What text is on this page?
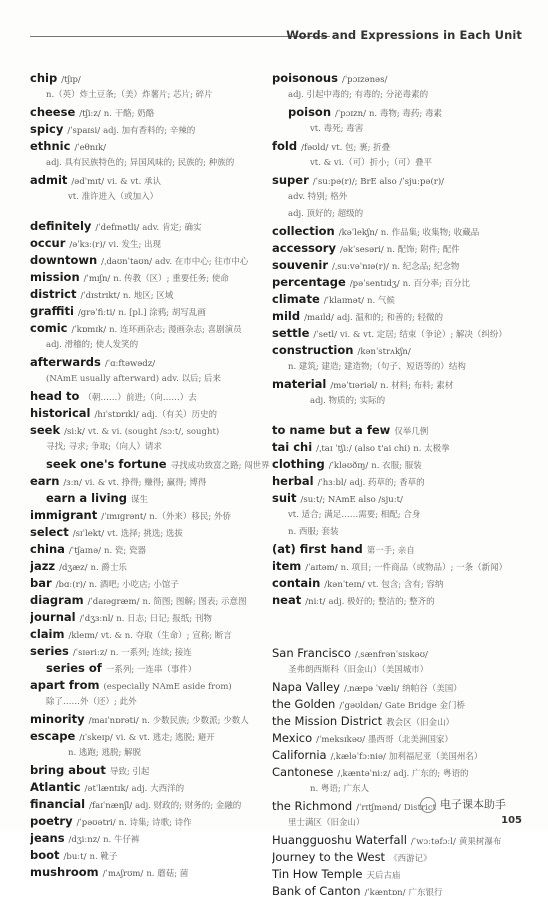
Words and Expressions in Each Unit
chip /tʃɪp/
n.（英）炸土豆条;（美）炸薯片; 芯片; 碎片
cheese /tʃiːz/ n. 干酪; 奶酪
spicy /ˈspaɪsi/ adj. 加有香料的; 辛辣的
ethnic /ˈeθnɪk/
adj. 具有民族特色的; 异国风味的; 民族的; 种族的
admit /ədˈmɪt/ vi. & vt. 承认
vt. 准许进入（或加入）
definitely /ˈdefɪnətli/ adv. 肯定; 确实
occur /əˈkɜː(r)/ vi. 发生; 出现
downtown /ˌdaʊnˈtaʊn/ adv. 在市中心; 往市中心
mission /ˈmɪʃn/ n. 传教（区）; 重要任务; 使命
district /ˈdɪstrɪkt/ n. 地区; 区域
graffiti /grəˈfiːti/ n. [pl.] 涂鸦; 胡写乱画
comic /ˈkɒmɪk/ n. 连环画杂志; 漫画杂志; 喜剧演员
adj. 滑稽的; 使人发笑的
afterwards /ˈɑːftəwədz/
(NAmE usually afterward) adv. 以后; 后来
head to （朝……）前进;（向……）去
historical /hɪˈstɒrɪkl/ adj.（有关）历史的
seek /siːk/ vt. & vi. (sought /sɔːt/, sought)
寻找; 寻求; 争取;（向人）请求
seek one's fortune 寻找成功致富之路; 闯世界
earn /ɜːn/ vi. & vt. 挣得; 赚得; 赢得; 博得
earn a living 谋生
immigrant /ˈɪmɪgrənt/ n.（外来）移民; 外侨
select /sɪˈlekt/ vt. 选择; 挑选; 选拔
china /ˈtʃaɪnə/ n. 瓷; 瓷器
jazz /dʒæz/ n. 爵士乐
bar /bɑː(r)/ n. 酒吧; 小吃店; 小馆子
diagram /ˈdaɪəgræm/ n. 简图; 图解; 图表; 示意图
journal /ˈdʒɜːnl/ n. 日志; 日记; 报纸; 刊物
claim /kleɪm/ vt. & n. 夺取（生命）; 宣称; 断言
series /ˈsɪəriːz/ n. 一系列; 连续; 接连
series of 一系列; 一连串（事件）
apart from (especially NAmE aside from)
除了……外（还）; 此外
minority /maɪˈnɒrəti/ n. 少数民族; 少数派; 少数人
escape /ɪˈskeɪp/ vi. & vt. 逃走; 逃脱; 避开
n. 逃跑; 逃脱; 解脱
bring about 导致; 引起
Atlantic /ətˈlæntɪk/ adj. 大西洋的
financial /faɪˈnænʃl/ adj. 财政的; 财务的; 金融的
poetry /ˈpəʊətri/ n. 诗集; 诗歌; 诗作
jeans /dʒiːnz/ n. 牛仔裤
boot /buːt/ n. 靴子
mushroom /ˈmʌʃrʊm/ n. 蘑菇; 菌
poisonous /ˈpɔɪzənəs/
adj. 引起中毒的; 有毒的; 分泌毒素的
poison /ˈpɔɪzn/ n. 毒物; 毒药; 毒素
vt. 毒死; 毒害
fold /fəʊld/ vt. 包; 裹; 折叠
vt. & vi.（可）折小;（可）叠平
super /ˈsuːpə(r)/; BrE also /ˈsjuːpə(r)/
adv. 特别; 格外
adj. 顶好的; 超级的
collection /kəˈlekʃn/ n. 作品集; 收集物; 收藏品
accessory /əkˈsesəri/ n. 配饰; 附件; 配件
souvenir /ˌsuːvəˈnɪə(r)/ n. 纪念品; 纪念物
percentage /pəˈsentɪdʒ/ n. 百分率; 百分比
climate /ˈklaɪmət/ n. 气候
mild /maɪld/ adj. 温和的; 和善的; 轻微的
settle /ˈsetl/ vi. & vt. 定居; 结束（争论）; 解决（纠纷）
construction /kənˈstrʌkʃn/
n. 建筑; 建造; 建造物;（句子、短语等的）结构
material /məˈtɪəriəl/ n. 材料; 布料; 素材
adj. 物质的; 实际的
to name but a few 仅举几例
tai chi /ˌtaɪ ˈtʃiː/ (also t'ai chi) n. 太极拳
clothing /ˈkləʊðɪŋ/ n. 衣服; 服装
herbal /ˈhɜːbl/ adj. 药草的; 香草的
suit /suːt/; NAmE also /sjuːt/
vt. 适合; 满足……需要; 相配; 合身
n. 西服; 套装
(at) first hand 第一手; 亲自
item /ˈaɪtəm/ n. 项目; 一件商品（或物品）; 一条（新闻）
contain /kənˈteɪn/ vt. 包含; 含有; 容纳
neat /niːt/ adj. 极好的; 整洁的; 整齐的
San Francisco /ˌsænfrənˈsɪskəʊ/
圣弗朗西斯科（旧金山）（美国城市）
Napa Valley /ˌnæpə ˈvæli/ 纳帕谷（美国）
the Golden /ˈgəʊldən/ Gate Bridge 金门桥
the Mission District 教会区（旧金山）
Mexico /ˈmeksɪkəʊ/ 墨西哥（北美洲国家）
California /ˌkæləˈfɔːniə/ 加利福尼亚（美国州名）
Cantonese /ˌkæntəˈniːz/ adj. 广东的; 粤语的
n. 粤语; 广东人
the Richmond /ˈrɪtʃmənd/ District
里士满区（旧金山）
Huangguoshu Waterfall /ˈwɔːtəfɔːl/ 黄果树瀑布
Journey to the West 《西游记》
Tin How Temple 天后古庙
Bank of Canton /ˈkæntɒn/ 广东银行
电子课本助手
105
